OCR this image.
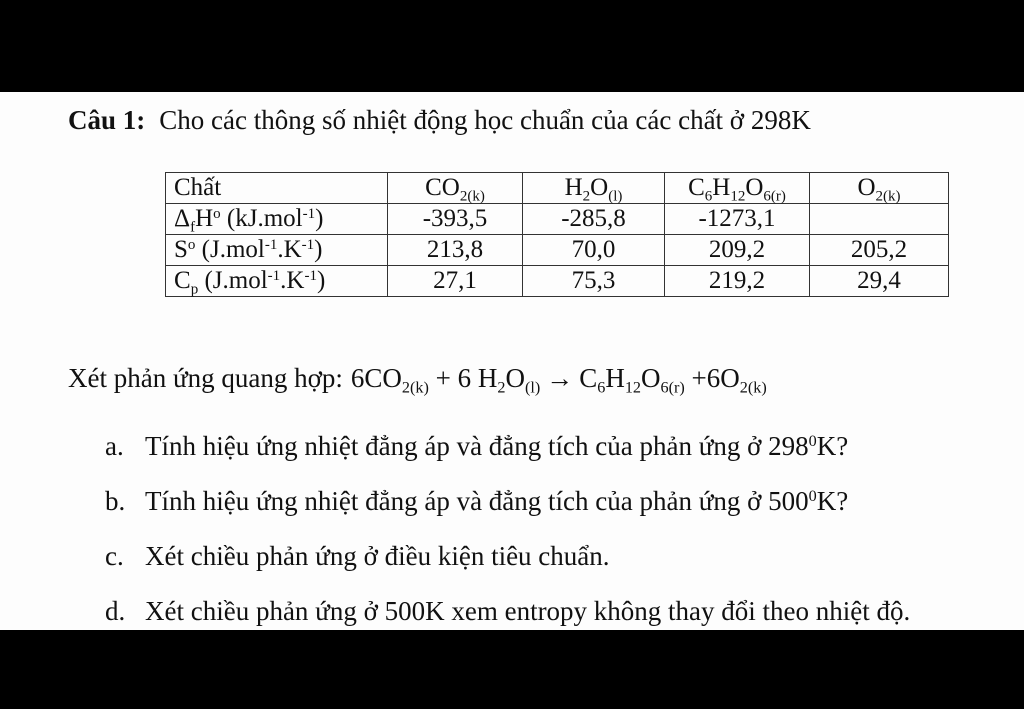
Câu 1: Cho các thông số nhiệt động học chuẩn của các chất ở 298K
Chất	$CO_{2(k)}$	$H_2O_{(l)}$	$C_6H_{12}O_{6(r)}$	$O_{2(k)}$
$\Delta_fH^o$ (kJ.mol$^{-1}$)	-393,5	-285,8	-1273,1	
$S^o$ $(J.mol^{-1}.K^{-1})$	213,8	70,0	209,2	205,2
$C_p$ $(J.mol^{-1}.K^{-1})$	27,1	75,3	219,2	29,4
Xét phản ứng quang hợp: $6CO_{2(k)} + 6$ $H_2O_{(l)} \to C_6H_{12}O_{6(r)} +6O_{2(k)}$
a. Tính hiệu ứng nhiệt đẳng áp và đẳng tích của phản ứng ở $298^0K$?
b. Tính hiệu ứng nhiệt đẳng áp và đẳng tích của phản ứng ở $500^0K$?
c. Xét chiều phản ứng ở điều kiện tiêu chuẩn.
d. Xét chiều phản ứng ở 500K xem entropy không thay đổi theo nhiệt độ.
